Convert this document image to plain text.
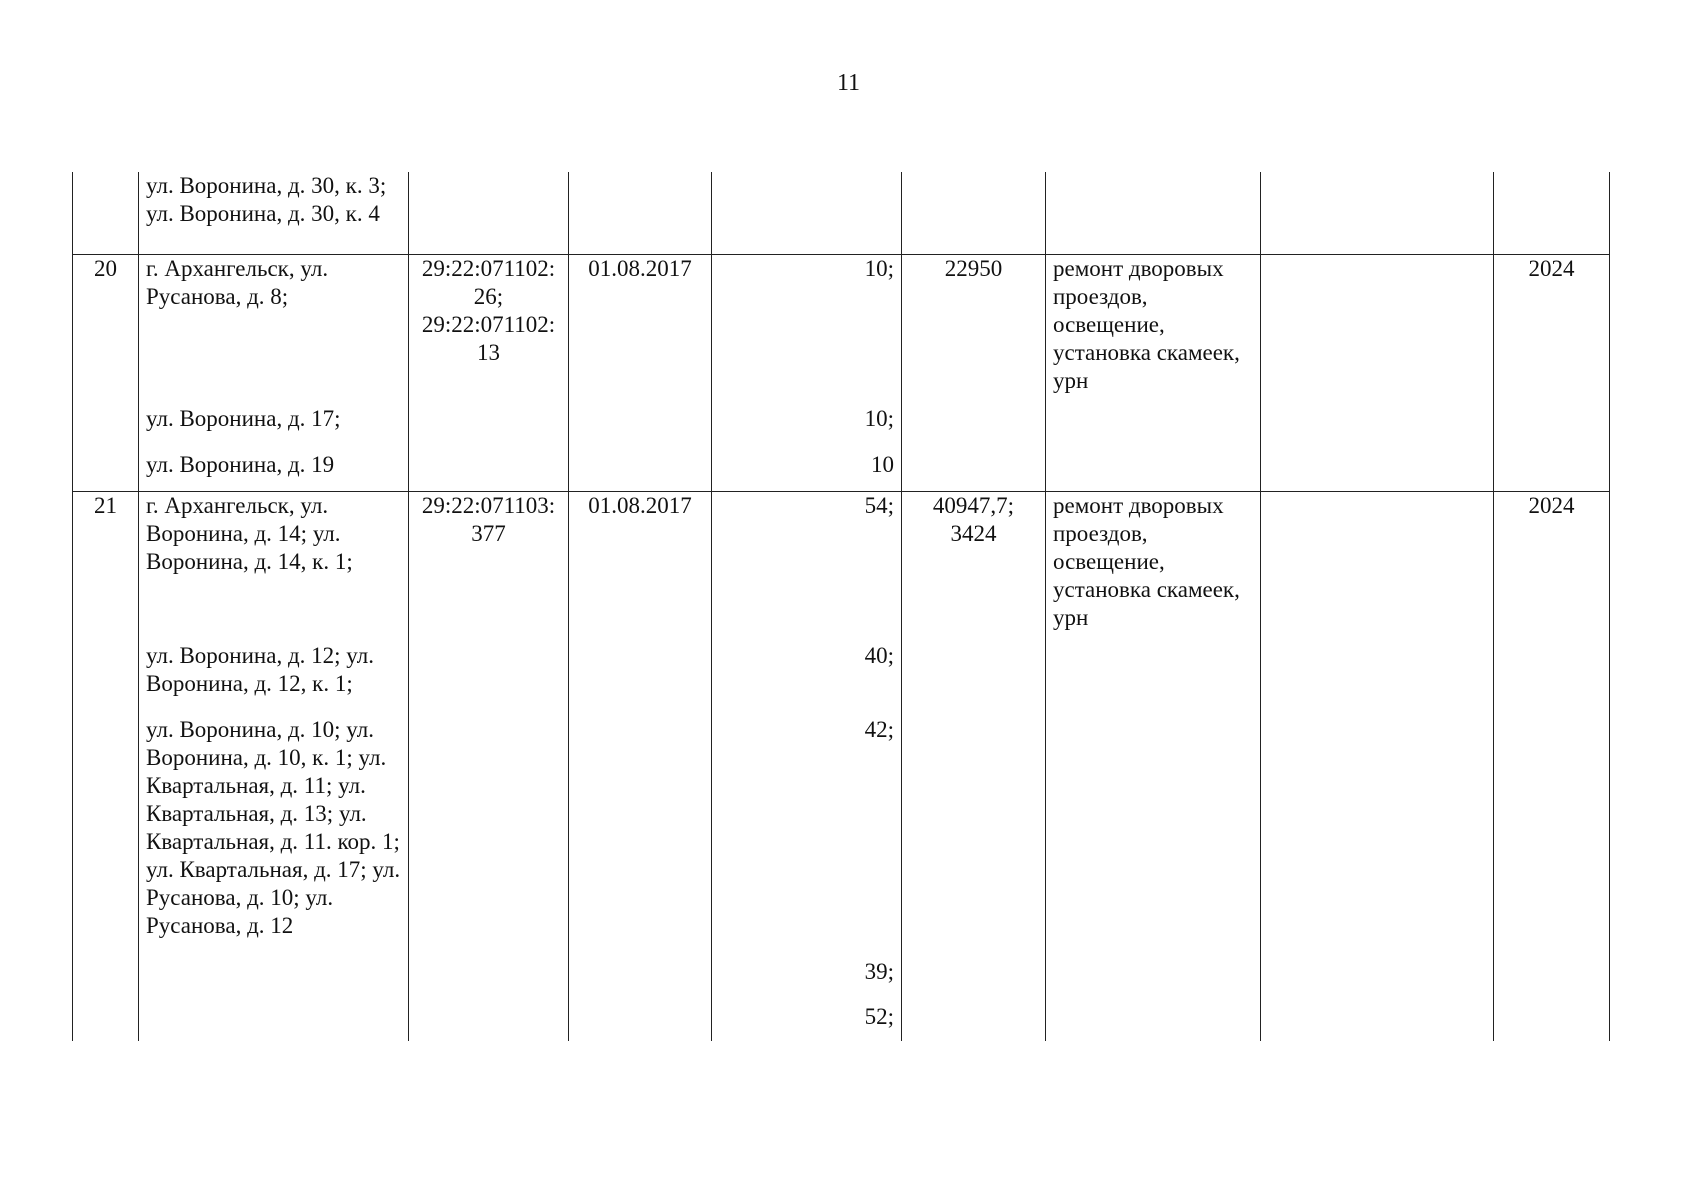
11

	ул. Воронина, д. 30, к. 3;
ул. Воронина, д. 30, к. 4							

20	г. Архангельск, ул. Русанова, д. 8;	29:22:071102:
26;
29:22:071102:
13	01.08.2017	10;	22950	ремонт дворовых проездов, освещение, установка скамеек, урн		2024
	ул. Воронина, д. 17;			10;				
	ул. Воронина, д. 19			10				
21	г. Архангельск, ул. Воронина, д. 14; ул. Воронина, д. 14, к. 1;	29:22:071103:
377	01.08.2017	54;	40947,7;
3424	ремонт дворовых проездов, освещение, установка скамеек, урн		2024
	ул. Воронина, д. 12; ул. Воронина, д. 12, к. 1;			40;				
	ул. Воронина, д. 10; ул. Воронина, д. 10, к. 1; ул. Квартальная, д. 11; ул. Квартальная, д. 13; ул. Квартальная, д. 11. кор. 1; ул. Квартальная, д. 17; ул. Русанова, д. 10; ул. Русанова, д. 12			42;				
				39;				
				52;				
